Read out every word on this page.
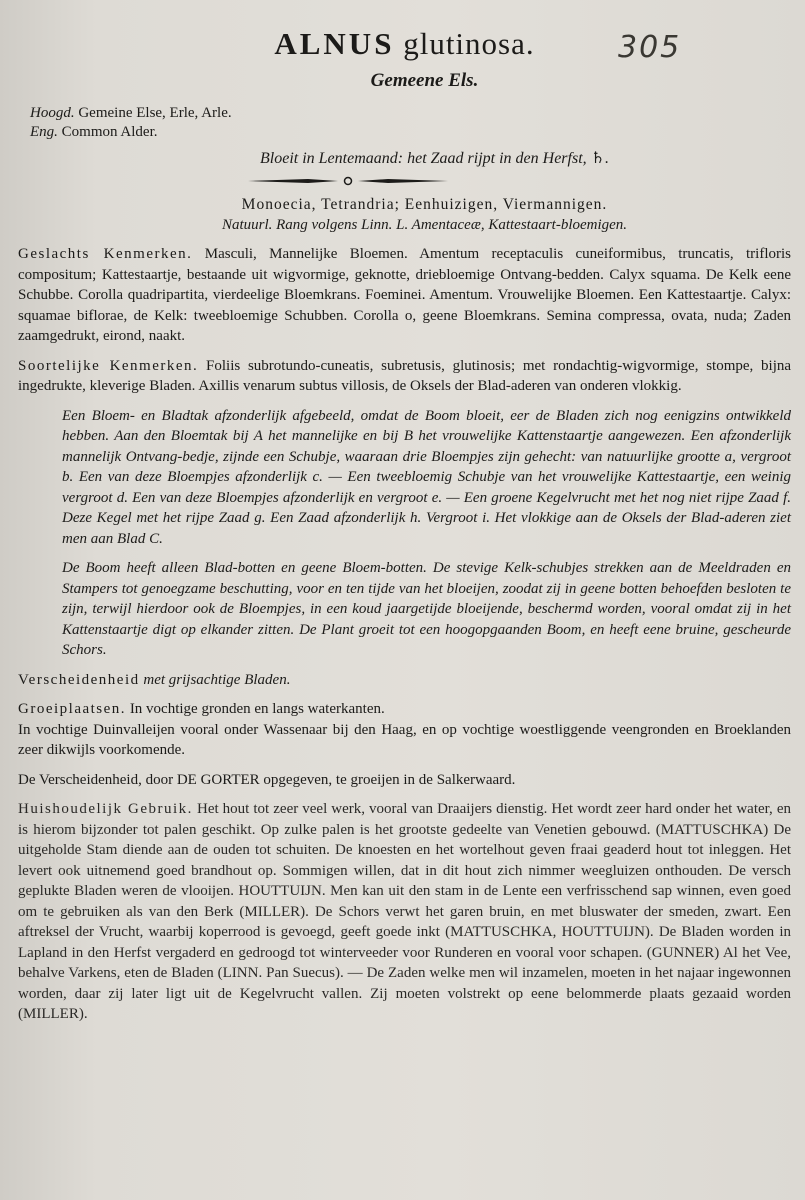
ALNUS glutinosa.	305
Gemeene Els.
Hoogd. Gemeine Else, Erle, Arle.
Eng. Common Alder.
Bloeit in Lentemaand: het Zaad rijpt in den Herfst, ♄.
Monoecia, Tetrandria; Eenhuizigen, Viermannigen.
Natuurl. Rang volgens Linn. L. Amentaceæ, Kattestaart-bloemigen.

Geslachts Kenmerken. Masculi, Mannelijke Bloemen. Amentum receptaculis cuneiformibus, truncatis, trifloris compositum; Kattestaartje, bestaande uit wigvormige, geknotte, driebloemige Ontvang-bedden. Calyx squama. De Kelk eene Schubbe. Corolla quadripartita, vierdeelige Bloemkrans. Foeminei. Amentum. Vrouwelijke Bloemen. Een Kattestaartje. Calyx: squamae biflorae, de Kelk: tweebloemige Schubben. Corolla o, geene Bloemkrans. Semina compressa, ovata, nuda; Zaden zaamgedrukt, eirond, naakt.

Soortelijke Kenmerken. Foliis subrotundo-cuneatis, subretusis, glutinosis; met rondachtig-wigvormige, stompe, bijna ingedrukte, kleverige Bladen. Axillis venarum subtus villosis, de Oksels der Blad-aderen van onderen vlokkig.

Een Bloem- en Bladtak afzonderlijk afgebeeld, omdat de Boom bloeit, eer de Bladen zich nog eenigzins ontwikkeld hebben. Aan den Bloemtak bij A het mannelijke en bij B het vrouwelijke Kattenstaartje aangewezen. Een afzonderlijk mannelijk Ontvang-bedje, zijnde een Schubje, waaraan drie Bloempjes zijn gehecht: van natuurlijke grootte a, vergroot b. Een van deze Bloempjes afzonderlijk c. — Een tweebloemig Schubje van het vrouwelijke Kattestaartje, een weinig vergroot d. Een van deze Bloempjes afzonderlijk en vergroot e. — Een groene Kegelvrucht met het nog niet rijpe Zaad f. Deze Kegel met het rijpe Zaad g. Een Zaad afzonderlijk h. Vergroot i. Het vlokkige aan de Oksels der Blad-aderen ziet men aan Blad C.

De Boom heeft alleen Blad-botten en geene Bloem-botten. De stevige Kelk-schubjes strekken aan de Meeldraden en Stampers tot genoegzame beschutting, voor en ten tijde van het bloeijen, zoodat zij in geene botten behoefden besloten te zijn, terwijl hierdoor ook de Bloempjes, in een koud jaargetijde bloeijende, beschermd worden, vooral omdat zij in het Kattenstaartje digt op elkander zitten. De Plant groeit tot een hoogopgaanden Boom, en heeft eene bruine, gescheurde Schors.

Verscheidenheid met grijsachtige Bladen.

Groeiplaatsen. In vochtige gronden en langs waterkanten.

In vochtige Duinvalleijen vooral onder Wassenaar bij den Haag, en op vochtige woestliggende veengronden en Broeklanden zeer dikwijls voorkomende.

De Verscheidenheid, door DE GORTER opgegeven, te groeijen in de Salkerwaard.

Huishoudelijk Gebruik. Het hout tot zeer veel werk, vooral van Draaijers dienstig. Het wordt zeer hard onder het water, en is hierom bijzonder tot palen geschikt. Op zulke palen is het grootste gedeelte van Venetien gebouwd. (MATTUSCHKA) De uitgeholde Stam diende aan de ouden tot schuiten. De knoesten en het wortelhout geven fraai geaderd hout tot inleggen. Het levert ook uitnemend goed brandhout op. Sommigen willen, dat in dit hout zich nimmer weegluizen onthouden. De versch geplukte Bladen weren de vlooijen. HOUTTUIJN. Men kan uit den stam in de Lente een verfrisschend sap winnen, even goed om te gebruiken als van den Berk (MILLER). De Schors verwt het garen bruin, en met bluswater der smeden, zwart. Een aftreksel der Vrucht, waarbij koperrood is gevoegd, geeft goede inkt (MATTUSCHKA, HOUTTUIJN). De Bladen worden in Lapland in den Herfst vergaderd en gedroogd tot winterveeder voor Runderen en vooral voor schapen. (GUNNER) Al het Vee, behalve Varkens, eten de Bladen (LINN. Pan Suecus). — De Zaden welke men wil inzamelen, moeten in het najaar ingewonnen worden, daar zij later ligt uit de Kegelvrucht vallen. Zij moeten volstrekt op eene belommerde plaats gezaaid worden (MILLER).
